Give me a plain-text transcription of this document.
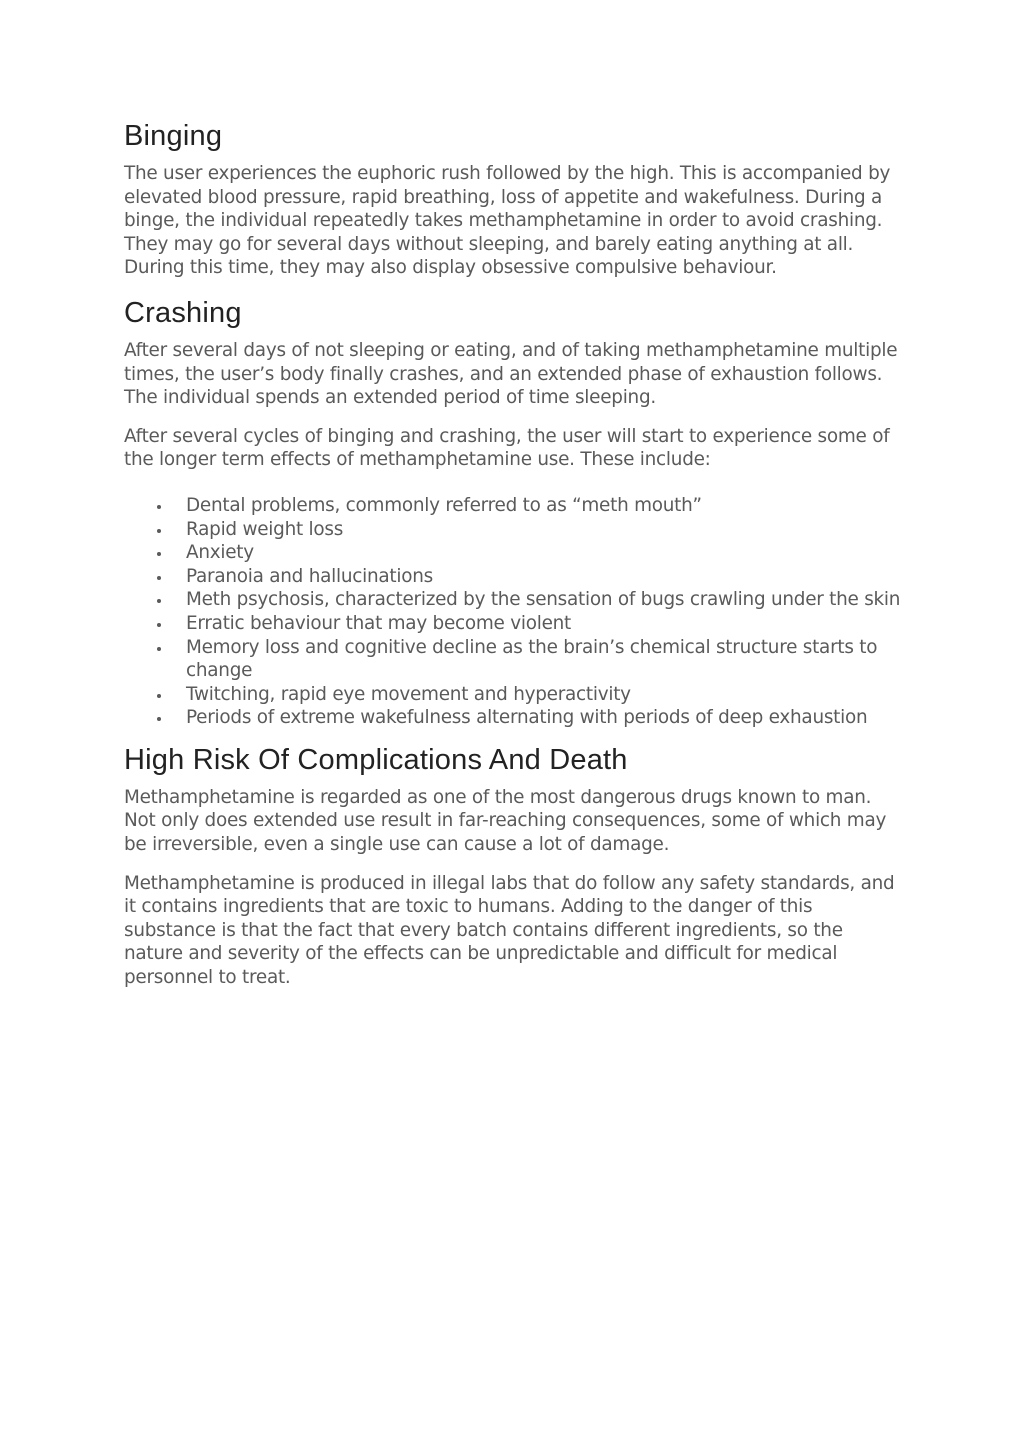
Binging

The user experiences the euphoric rush followed by the high. This is accompanied by elevated blood pressure, rapid breathing, loss of appetite and wakefulness. During a binge, the individual repeatedly takes methamphetamine in order to avoid crashing. They may go for several days without sleeping, and barely eating anything at all. During this time, they may also display obsessive compulsive behaviour.

Crashing

After several days of not sleeping or eating, and of taking methamphetamine multiple times, the user’s body finally crashes, and an extended phase of exhaustion follows. The individual spends an extended period of time sleeping.

After several cycles of binging and crashing, the user will start to experience some of the longer term effects of methamphetamine use. These include:

Dental problems, commonly referred to as “meth mouth”
Rapid weight loss
Anxiety
Paranoia and hallucinations
Meth psychosis, characterized by the sensation of bugs crawling under the skin
Erratic behaviour that may become violent
Memory loss and cognitive decline as the brain’s chemical structure starts to change
Twitching, rapid eye movement and hyperactivity
Periods of extreme wakefulness alternating with periods of deep exhaustion
High Risk Of Complications And Death

Methamphetamine is regarded as one of the most dangerous drugs known to man. Not only does extended use result in far-reaching consequences, some of which may be irreversible, even a single use can cause a lot of damage.

Methamphetamine is produced in illegal labs that do follow any safety standards, and it contains ingredients that are toxic to humans. Adding to the danger of this substance is that the fact that every batch contains different ingredients, so the nature and severity of the effects can be unpredictable and difficult for medical personnel to treat.
